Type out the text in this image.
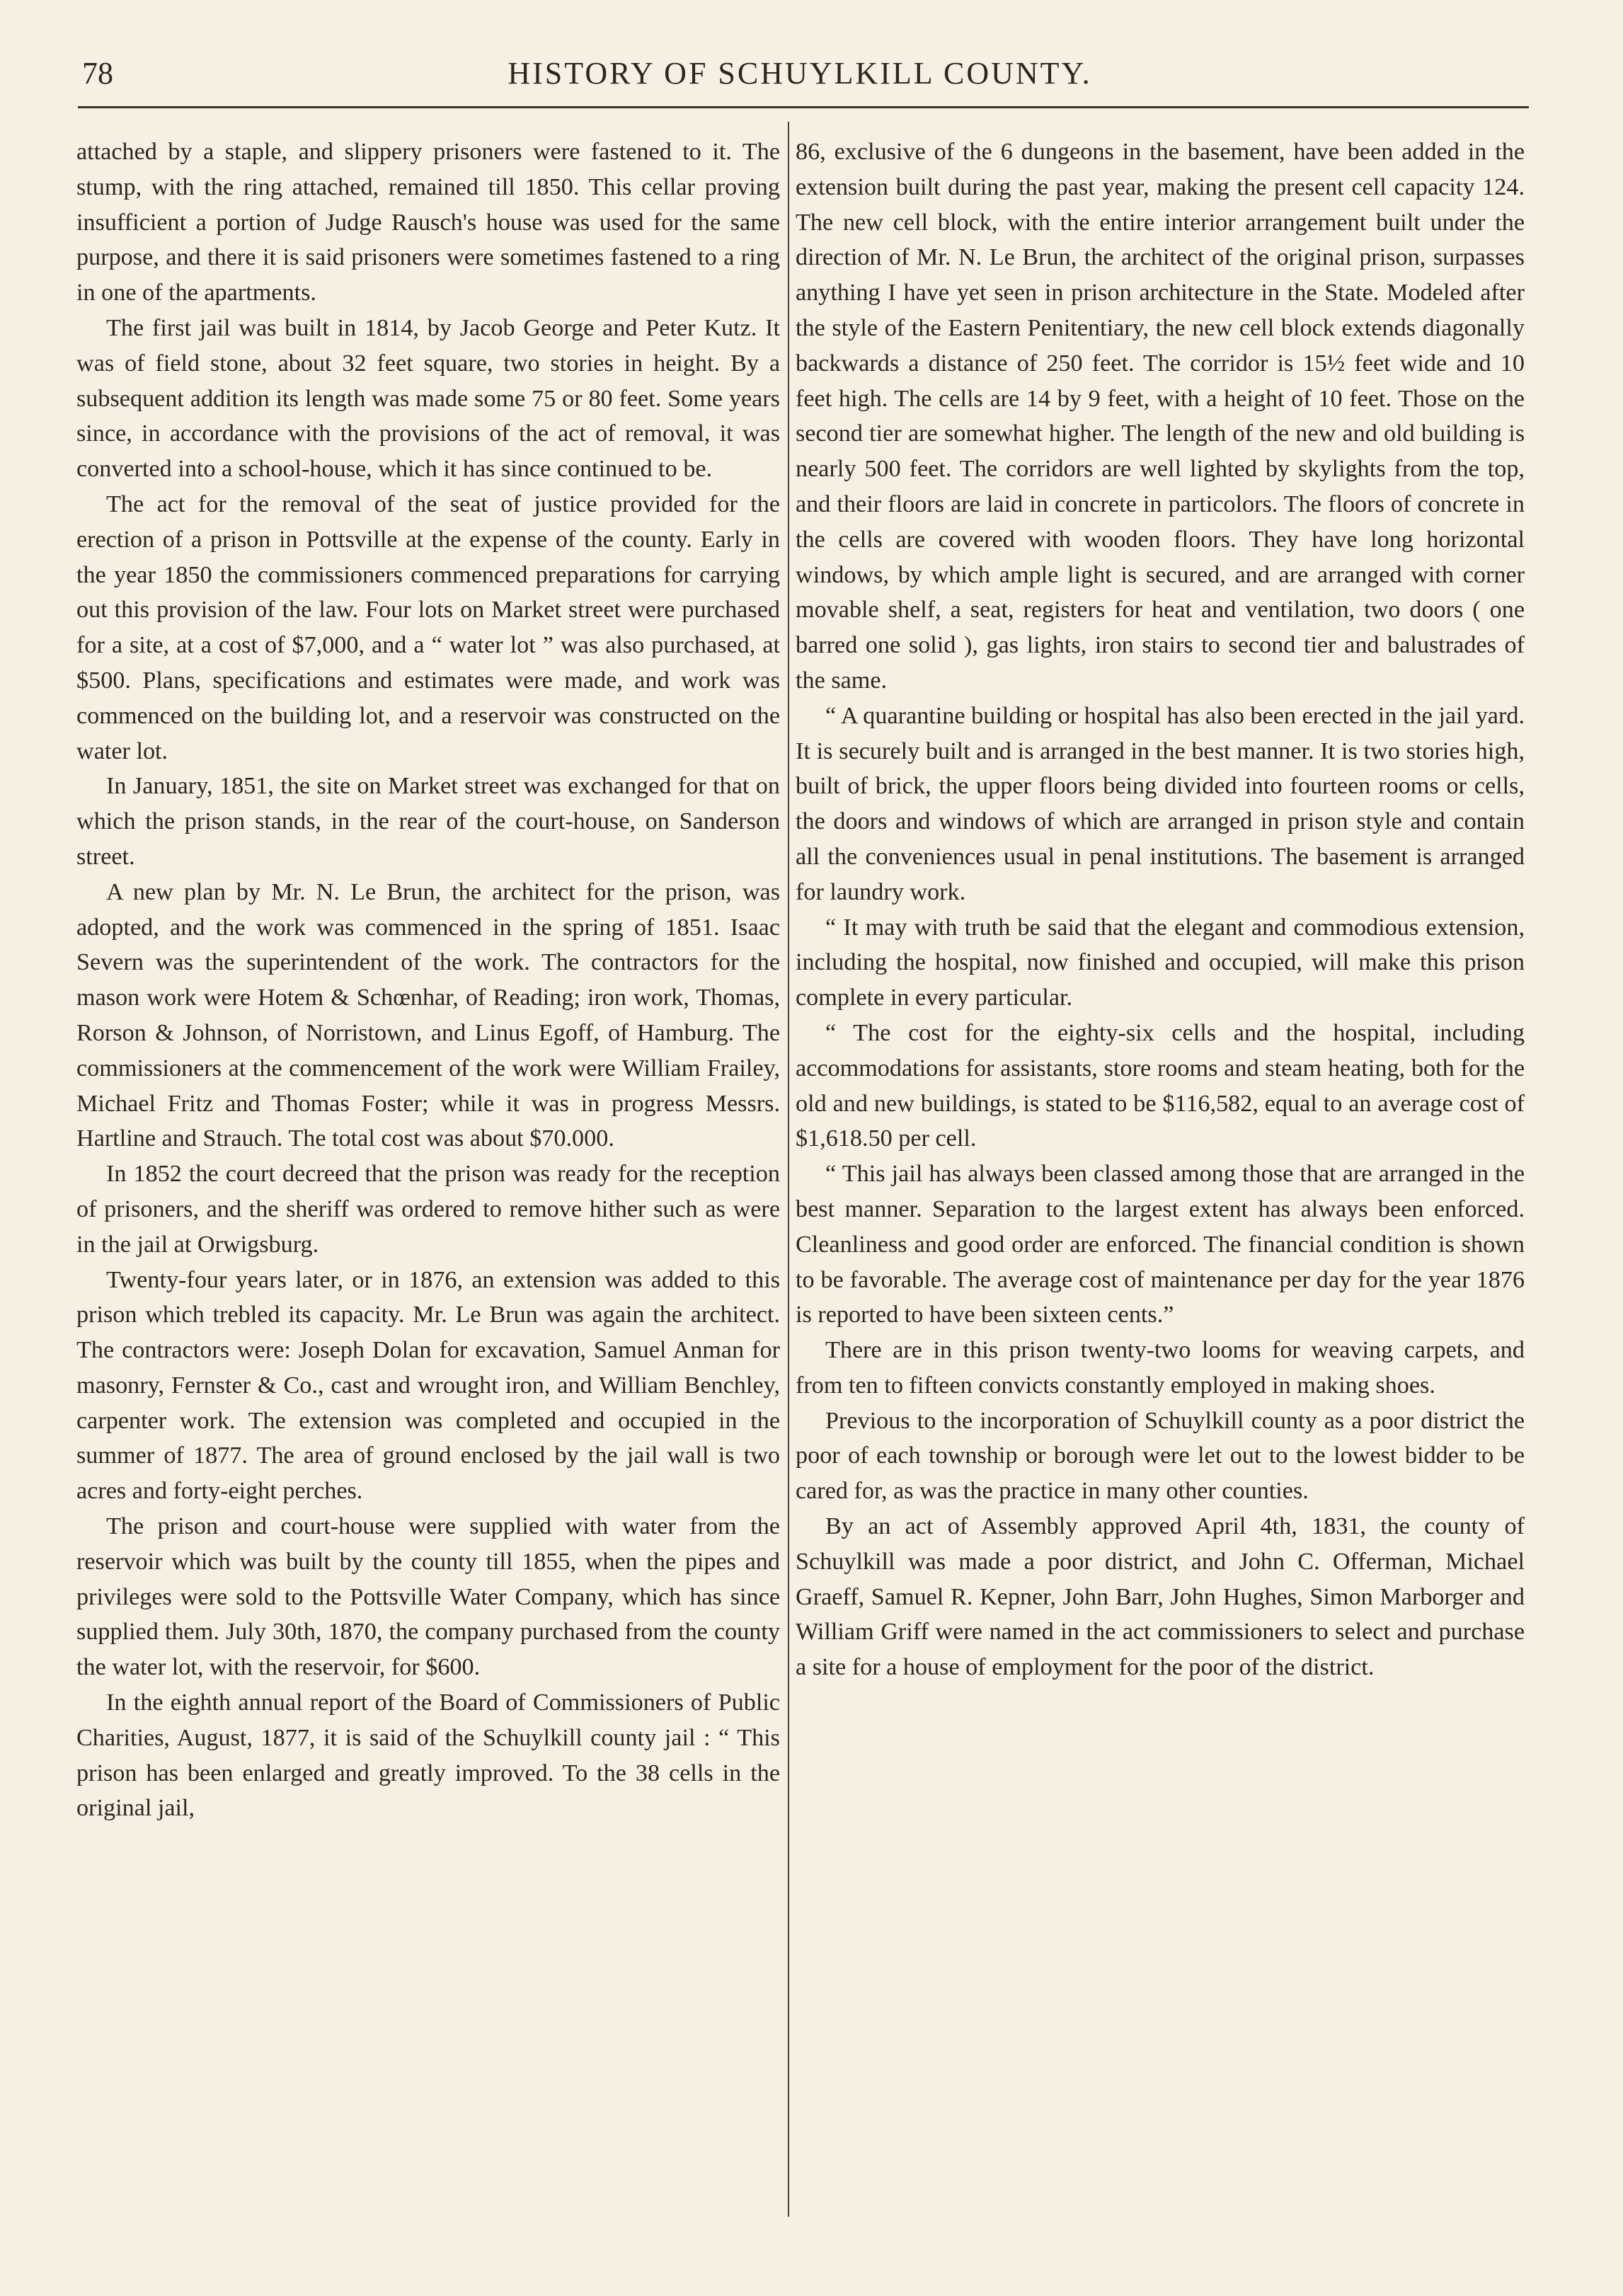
78	HISTORY OF SCHUYLKILL COUNTY.

attached by a staple, and slippery prisoners were fastened to it. The stump, with the ring attached, remained till 1850. This cellar proving insufficient a portion of Judge Rausch's house was used for the same purpose, and there it is said prisoners were sometimes fastened to a ring in one of the apartments.

The first jail was built in 1814, by Jacob George and Peter Kutz. It was of field stone, about 32 feet square, two stories in height. By a subsequent addition its length was made some 75 or 80 feet. Some years since, in accordance with the provisions of the act of removal, it was converted into a school-house, which it has since continued to be.

The act for the removal of the seat of justice provided for the erection of a prison in Pottsville at the expense of the county. Early in the year 1850 the commissioners commenced preparations for carrying out this provision of the law. Four lots on Market street were purchased for a site, at a cost of $7,000, and a “ water lot ” was also purchased, at $500. Plans, specifications and estimates were made, and work was commenced on the building lot, and a reservoir was constructed on the water lot.

In January, 1851, the site on Market street was exchanged for that on which the prison stands, in the rear of the court-house, on Sanderson street.

A new plan by Mr. N. Le Brun, the architect for the prison, was adopted, and the work was commenced in the spring of 1851. Isaac Severn was the superintendent of the work. The contractors for the mason work were Hotem & Schœnhar, of Reading; iron work, Thomas, Rorson & Johnson, of Norristown, and Linus Egoff, of Hamburg. The commissioners at the commencement of the work were William Frailey, Michael Fritz and Thomas Foster; while it was in progress Messrs. Hartline and Strauch. The total cost was about $70.000.

In 1852 the court decreed that the prison was ready for the reception of prisoners, and the sheriff was ordered to remove hither such as were in the jail at Orwigsburg.

Twenty-four years later, or in 1876, an extension was added to this prison which trebled its capacity. Mr. Le Brun was again the architect. The contractors were: Joseph Dolan for excavation, Samuel Anman for masonry, Fernster & Co., cast and wrought iron, and William Benchley, carpenter work. The extension was completed and occupied in the summer of 1877. The area of ground enclosed by the jail wall is two acres and forty-eight perches.

The prison and court-house were supplied with water from the reservoir which was built by the county till 1855, when the pipes and privileges were sold to the Pottsville Water Company, which has since supplied them. July 30th, 1870, the company purchased from the county the water lot, with the reservoir, for $600.

In the eighth annual report of the Board of Commissioners of Public Charities, August, 1877, it is said of the Schuylkill county jail : “ This prison has been enlarged and greatly improved. To the 38 cells in the original jail,

86, exclusive of the 6 dungeons in the basement, have been added in the extension built during the past year, making the present cell capacity 124. The new cell block, with the entire interior arrangement built under the direction of Mr. N. Le Brun, the architect of the original prison, surpasses anything I have yet seen in prison architecture in the State. Modeled after the style of the Eastern Penitentiary, the new cell block extends diagonally backwards a distance of 250 feet. The corridor is 15½ feet wide and 10 feet high. The cells are 14 by 9 feet, with a height of 10 feet. Those on the second tier are somewhat higher. The length of the new and old building is nearly 500 feet. The corridors are well lighted by skylights from the top, and their floors are laid in concrete in particolors. The floors of concrete in the cells are covered with wooden floors. They have long horizontal windows, by which ample light is secured, and are arranged with corner movable shelf, a seat, registers for heat and ventilation, two doors ( one barred one solid ), gas lights, iron stairs to second tier and balustrades of the same.

“ A quarantine building or hospital has also been erected in the jail yard. It is securely built and is arranged in the best manner. It is two stories high, built of brick, the upper floors being divided into fourteen rooms or cells, the doors and windows of which are arranged in prison style and contain all the conveniences usual in penal institutions. The basement is arranged for laundry work.

“ It may with truth be said that the elegant and commodious extension, including the hospital, now finished and occupied, will make this prison complete in every particular.

“ The cost for the eighty-six cells and the hospital, including accommodations for assistants, store rooms and steam heating, both for the old and new buildings, is stated to be $116,582, equal to an average cost of $1,618.50 per cell.

“ This jail has always been classed among those that are arranged in the best manner. Separation to the largest extent has always been enforced. Cleanliness and good order are enforced. The financial condition is shown to be favorable. The average cost of maintenance per day for the year 1876 is reported to have been sixteen cents.”

There are in this prison twenty-two looms for weaving carpets, and from ten to fifteen convicts constantly employed in making shoes.

Previous to the incorporation of Schuylkill county as a poor district the poor of each township or borough were let out to the lowest bidder to be cared for, as was the practice in many other counties.

By an act of Assembly approved April 4th, 1831, the county of Schuylkill was made a poor district, and John C. Offerman, Michael Graeff, Samuel R. Kepner, John Barr, John Hughes, Simon Marborger and William Griff were named in the act commissioners to select and purchase a site for a house of employment for the poor of the district.
